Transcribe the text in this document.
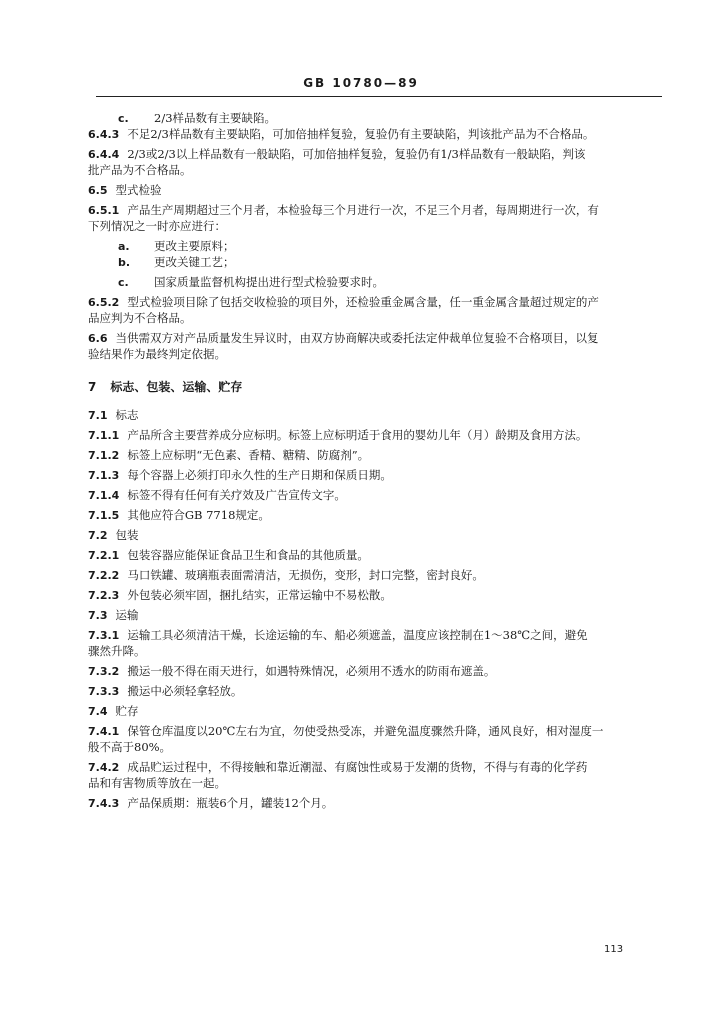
GB 10780—89
c. 2/3样品数有主要缺陷。
6.4.3 不足2/3样品数有主要缺陷，可加倍抽样复验，复验仍有主要缺陷，判该批产品为不合格品。
6.4.4 2/3或2/3以上样品数有一般缺陷，可加倍抽样复验，复验仍有1/3样品数有一般缺陷，判该
批产品为不合格品。
6.5 型式检验
6.5.1 产品生产周期超过三个月者，本检验每三个月进行一次，不足三个月者，每周期进行一次，有
下列情况之一时亦应进行：
a. 更改主要原料；
b. 更改关键工艺；
c. 国家质量监督机构提出进行型式检验要求时。
6.5.2 型式检验项目除了包括交收检验的项目外，还检验重金属含量，任一重金属含量超过规定的产
品应判为不合格品。
6.6 当供需双方对产品质量发生异议时，由双方协商解决或委托法定仲裁单位复验不合格项目，以复
验结果作为最终判定依据。
7 标志、包装、运输、贮存
7.1 标志
7.1.1 产品所含主要营养成分应标明。标签上应标明适于食用的婴幼儿年（月）龄期及食用方法。
7.1.2 标签上应标明“无色素、香精、糖精、防腐剂”。
7.1.3 每个容器上必须打印永久性的生产日期和保质日期。
7.1.4 标签不得有任何有关疗效及广告宣传文字。
7.1.5 其他应符合GB 7718规定。
7.2 包装
7.2.1 包装容器应能保证食品卫生和食品的其他质量。
7.2.2 马口铁罐、玻璃瓶表面需清洁，无损伤，变形，封口完整，密封良好。
7.2.3 外包装必须牢固，捆扎结实，正常运输中不易松散。
7.3 运输
7.3.1 运输工具必须清洁干燥，长途运输的车、船必须遮盖，温度应该控制在1～38℃之间，避免
骤然升降。
7.3.2 搬运一般不得在雨天进行，如遇特殊情况，必须用不透水的防雨布遮盖。
7.3.3 搬运中必须轻拿轻放。
7.4 贮存
7.4.1 保管仓库温度以20℃左右为宜，勿使受热受冻，并避免温度骤然升降，通风良好，相对湿度一
般不高于80%。
7.4.2 成品贮运过程中，不得接触和靠近潮湿、有腐蚀性或易于发潮的货物，不得与有毒的化学药
品和有害物质等放在一起。
7.4.3 产品保质期：瓶装6个月，罐装12个月。
113
